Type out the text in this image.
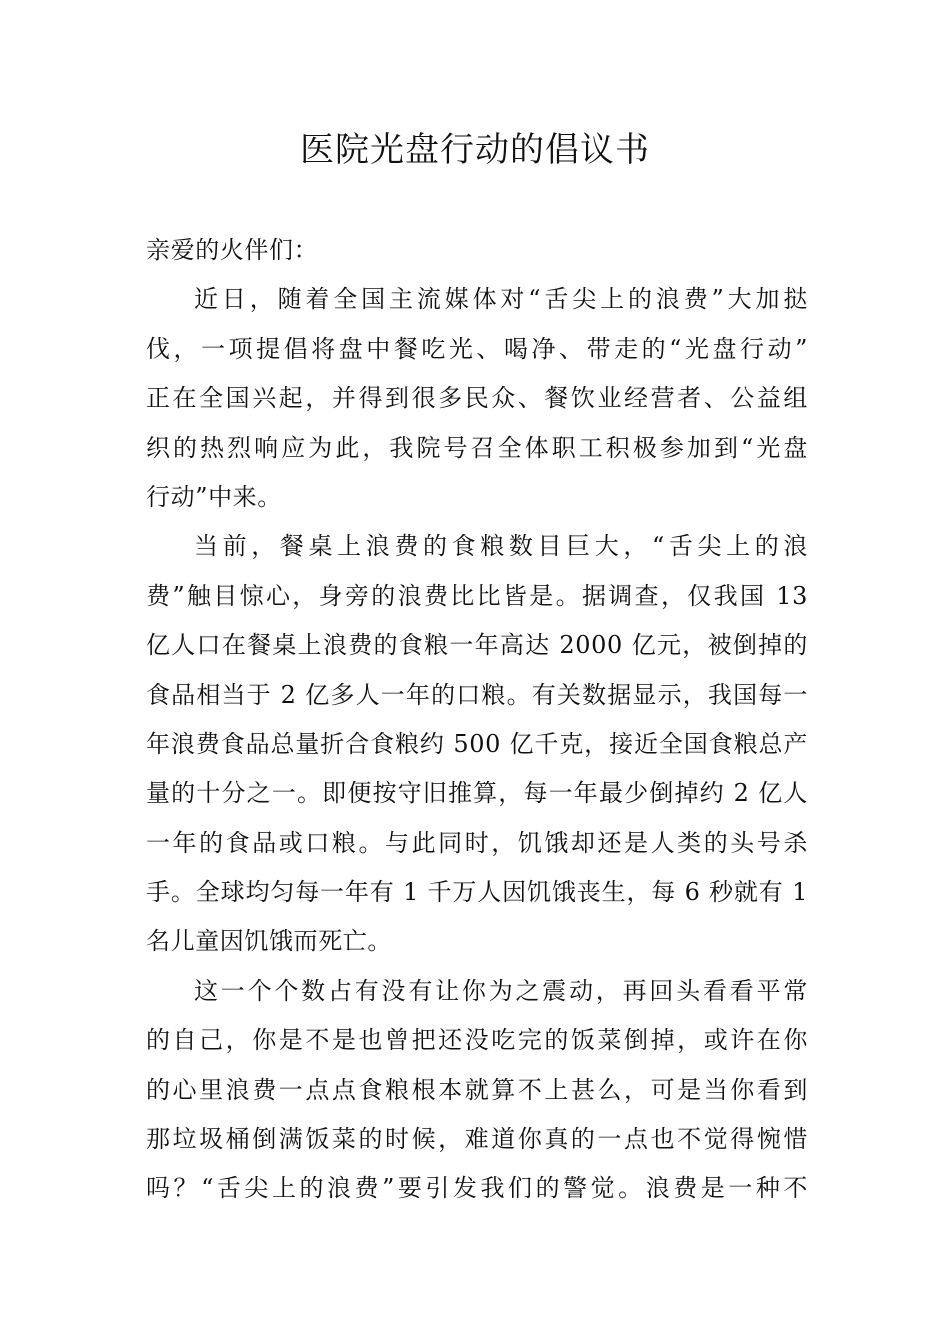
医院光盘行动的倡议书
亲爱的火伴们：
近日，随着全国主流媒体对“舌尖上的浪费”大加挞
伐，一项提倡将盘中餐吃光、喝净、带走的“光盘行动”
正在全国兴起，并得到很多民众、餐饮业经营者、公益组
织的热烈响应为此，我院号召全体职工积极参加到“光盘
行动”中来。
当前，餐桌上浪费的食粮数目巨大，“舌尖上的浪
费”触目惊心，身旁的浪费比比皆是。据调查，仅我国 13
亿人口在餐桌上浪费的食粮一年高达 2000 亿元，被倒掉的
食品相当于 2 亿多人一年的口粮。有关数据显示，我国每一
年浪费食品总量折合食粮约 500 亿千克，接近全国食粮总产
量的十分之一。即便按守旧推算，每一年最少倒掉约 2 亿人
一年的食品或口粮。与此同时，饥饿却还是人类的头号杀
手。全球均匀每一年有 1 千万人因饥饿丧生，每 6 秒就有 1
名儿童因饥饿而死亡。
这一个个数占有没有让你为之震动，再回头看看平常
的自己，你是不是也曾把还没吃完的饭菜倒掉，或许在你
的心里浪费一点点食粮根本就算不上甚么，可是当你看到
那垃圾桶倒满饭菜的时候，难道你真的一点也不觉得惋惜
吗？“舌尖上的浪费”要引发我们的警觉。浪费是一种不
